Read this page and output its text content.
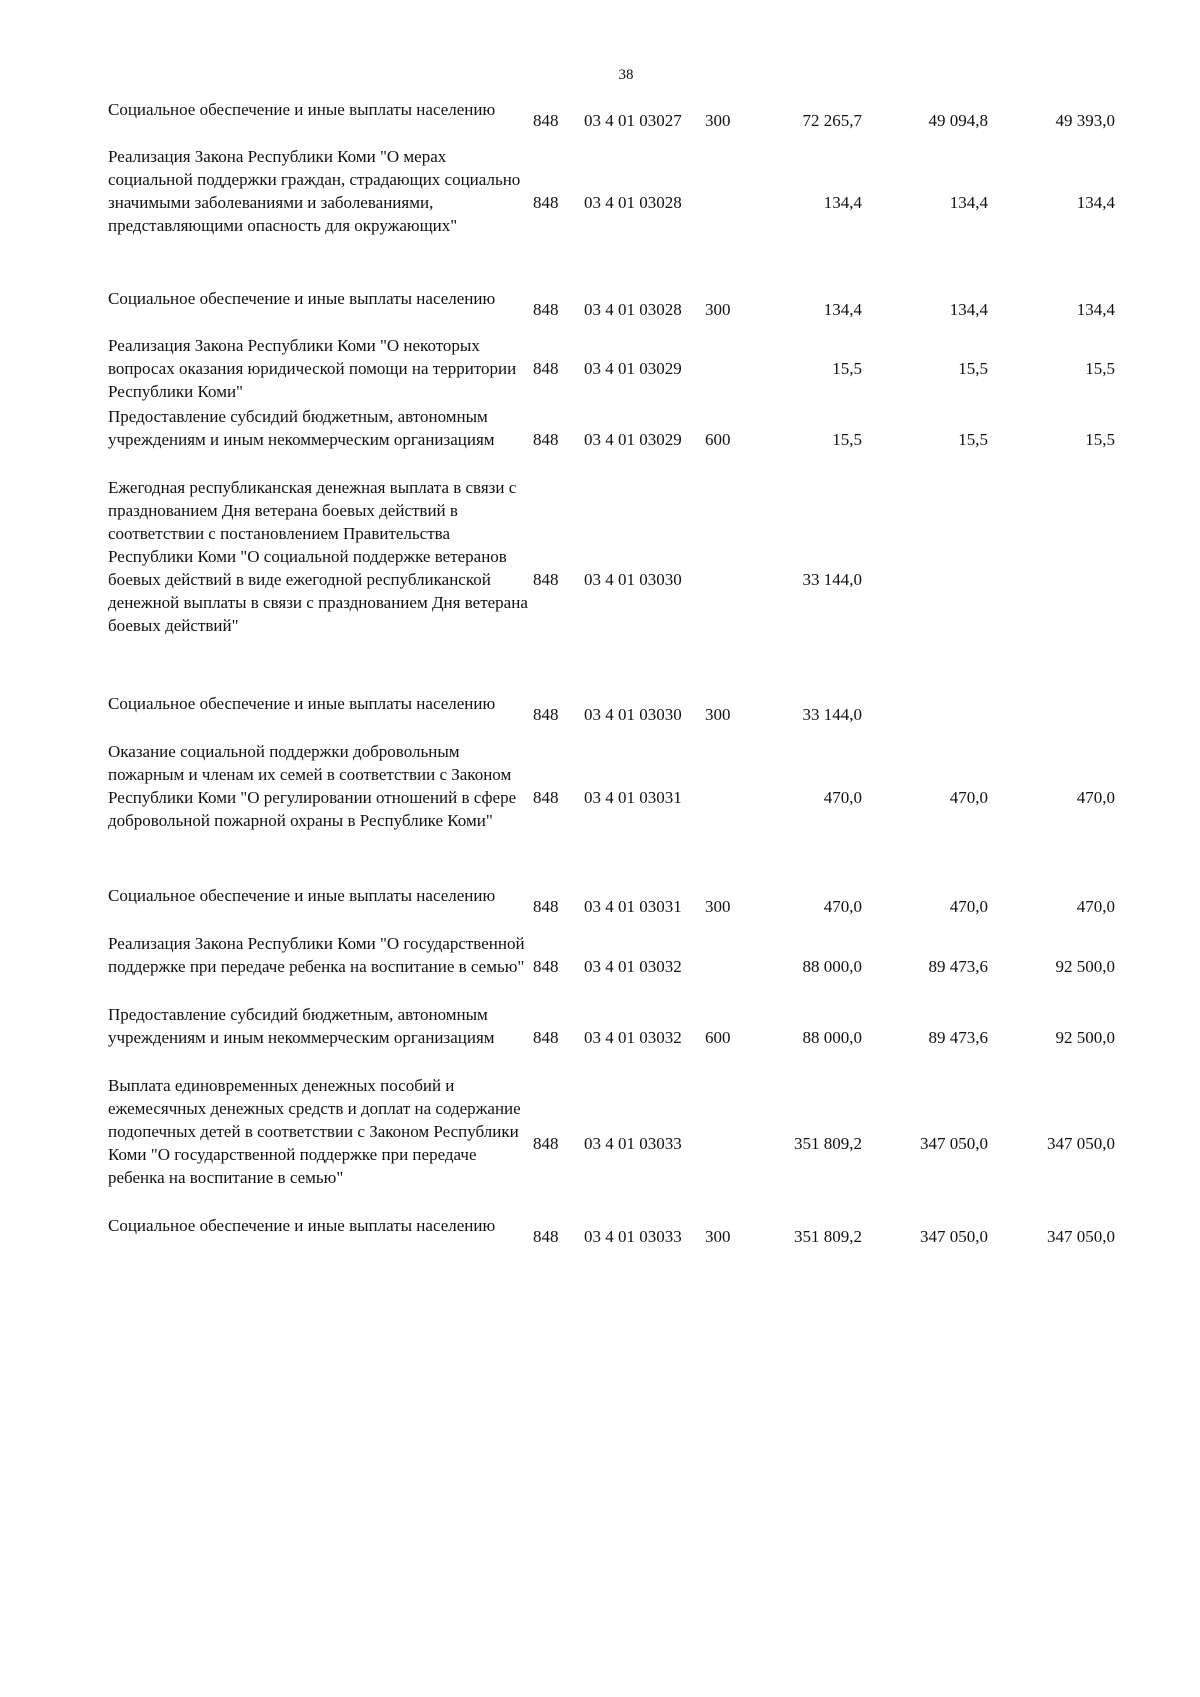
38
Социальное обеспечение и иные выплаты населению
848 03 4 01 03027 300	72 265,7	49 094,8	49 393,0
Реализация Закона Республики Коми "О мерах социальной поддержки граждан, страдающих социально значимыми заболеваниями и заболеваниями, представляющими опасность для окружающих"
848 03 4 01 03028	134,4	134,4	134,4
Социальное обеспечение и иные выплаты населению
848 03 4 01 03028 300	134,4	134,4	134,4
Реализация Закона Республики Коми "О некоторых вопросах оказания юридической помощи на территории Республики Коми"
848 03 4 01 03029	15,5	15,5	15,5
Предоставление субсидий бюджетным, автономным учреждениям и иным некоммерческим организациям	848 03 4 01 03029 600	15,5	15,5	15,5
Ежегодная республиканская денежная выплата в связи с празднованием Дня ветерана боевых действий в соответствии с постановлением Правительства Республики Коми "О социальной поддержке ветеранов боевых действий в виде ежегодной республиканской денежной выплаты в связи с празднованием Дня ветерана боевых действий"
848 03 4 01 03030	33 144,0
Социальное обеспечение и иные выплаты населению
848 03 4 01 03030 300	33 144,0
Оказание социальной поддержки добровольным пожарным и членам их семей в соответствии с Законом Республики Коми "О регулировании отношений в сфере добровольной пожарной охраны в Республике Коми"
848 03 4 01 03031	470,0	470,0	470,0
Социальное обеспечение и иные выплаты населению
848 03 4 01 03031 300	470,0	470,0	470,0
Реализация Закона Республики Коми "О государственной поддержке при передаче ребенка на воспитание в семью" 848 03 4 01 03032	88 000,0	89 473,6	92 500,0
Предоставление субсидий бюджетным, автономным учреждениям и иным некоммерческим организациям	848 03 4 01 03032 600	88 000,0	89 473,6	92 500,0
Выплата единовременных денежных пособий и ежемесячных денежных средств и доплат на содержание подопечных детей в соответствии с Законом Республики Коми "О государственной поддержке при передаче ребенка на воспитание в семью"
848 03 4 01 03033	351 809,2	347 050,0	347 050,0
Социальное обеспечение и иные выплаты населению
848 03 4 01 03033 300	351 809,2	347 050,0	347 050,0
